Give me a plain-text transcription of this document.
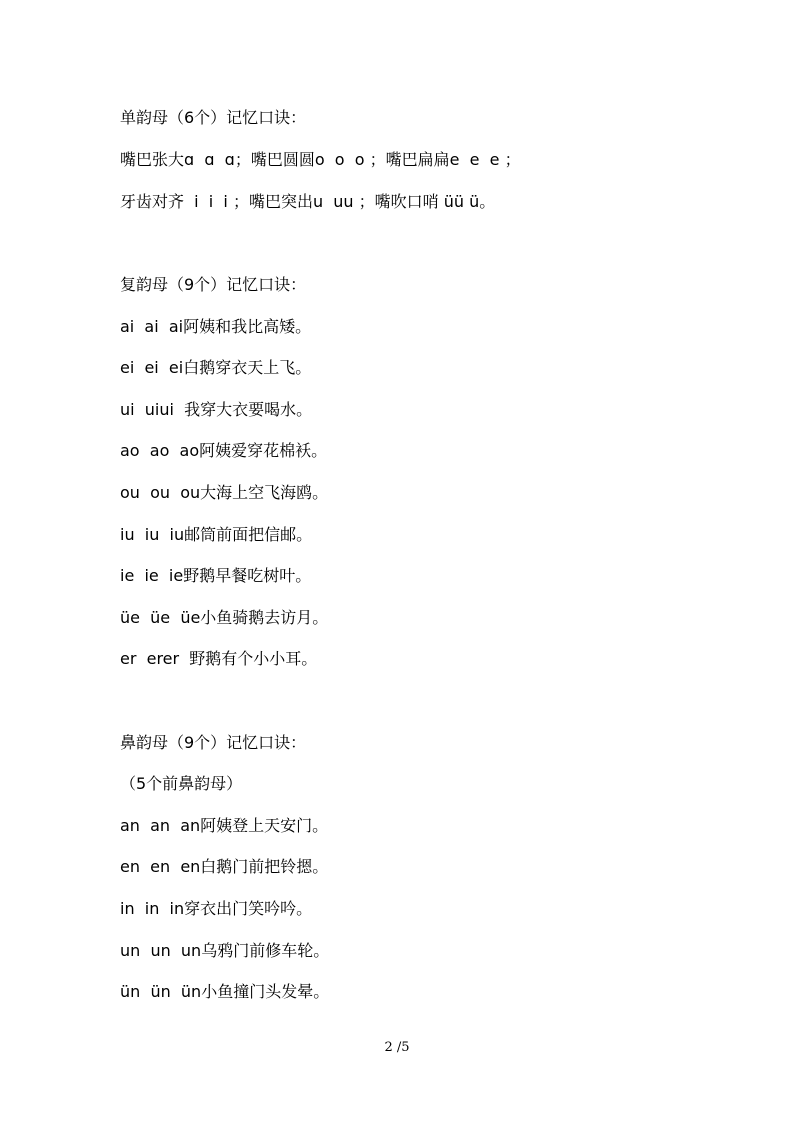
单韵母（6个）记忆口诀：
嘴巴张大ɑ  ɑ  ɑ；嘴巴圆圆o  o  o ；嘴巴扁扁e  e  e ；
牙齿对齐  i  i  i ；嘴巴突出u  uu ；嘴吹口哨 üü ü。
复韵母（9个）记忆口诀：
ai  ai  ai阿姨和我比高矮。
ei  ei  ei白鹅穿衣天上飞。
ui  uiui  我穿大衣要喝水。
ao  ao  ao阿姨爱穿花棉袄。
ou  ou  ou大海上空飞海鸥。
iu  iu  iu邮筒前面把信邮。
ie  ie  ie野鹅早餐吃树叶。
üe  üe  üe小鱼骑鹅去访月。
er  erer  野鹅有个小小耳。
鼻韵母（9个）记忆口诀：
（5个前鼻韵母）
an  an  an阿姨登上天安门。
en  en  en白鹅门前把铃摁。
in  in  in穿衣出门笑吟吟。
un  un  un乌鸦门前修车轮。
ün  ün  ün小鱼撞门头发晕。
2 /5
